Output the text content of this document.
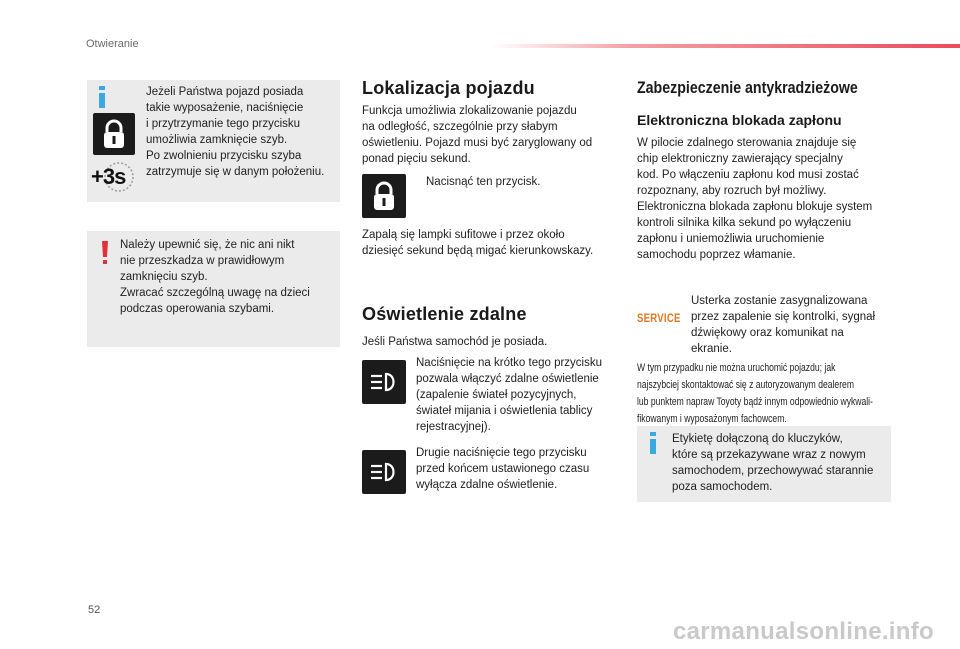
Otwieranie
+3s
Jeżeli Państwa pojazd posiada
takie wyposażenie, naciśnięcie
i przytrzymanie tego przycisku
umożliwia zamknięcie szyb.
Po zwolnieniu przycisku szyba
zatrzymuje się w danym położeniu.
Należy upewnić się, że nic ani nikt
nie przeszkadza w prawidłowym
zamknięciu szyb.
Zwracać szczególną uwagę na dzieci
podczas operowania szybami.
Lokalizacja pojazdu
Funkcja umożliwia zlokalizowanie pojazdu
na odległość, szczególnie przy słabym
oświetleniu. Pojazd musi być zaryglowany od
ponad pięciu sekund.
Nacisnąć ten przycisk.
Zapalą się lampki sufitowe i przez około
dziesięć sekund będą migać kierunkowskazy.
Oświetlenie zdalne
Jeśli Państwa samochód je posiada.
Naciśnięcie na krótko tego przycisku
pozwala włączyć zdalne oświetlenie
(zapalenie świateł pozycyjnych,
świateł mijania i oświetlenia tablicy
rejestracyjnej).
Drugie naciśnięcie tego przycisku
przed końcem ustawionego czasu
wyłącza zdalne oświetlenie.
Zabezpieczenie antykradzieżowe
Elektroniczna blokada zapłonu
W pilocie zdalnego sterowania znajduje się
chip elektroniczny zawierający specjalny
kod. Po włączeniu zapłonu kod musi zostać
rozpoznany, aby rozruch był możliwy.
Elektroniczna blokada zapłonu blokuje system
kontroli silnika kilka sekund po wyłączeniu
zapłonu i uniemożliwia uruchomienie
samochodu poprzez włamanie.
SERVICE
Usterka zostanie zasygnalizowana
przez zapalenie się kontrolki, sygnał
dźwiękowy oraz komunikat na
ekranie.
W tym przypadku nie można uruchomić pojazdu; jak
najszybciej skontaktować się z autoryzowanym dealerem
lub punktem napraw Toyoty bądź innym odpowiednio wykwali-
fikowanym i wyposażonym fachowcem.
Etykietę dołączoną do kluczyków,
które są przekazywane wraz z nowym
samochodem, przechowywać starannie
poza samochodem.
52
carmanualsonline.info
